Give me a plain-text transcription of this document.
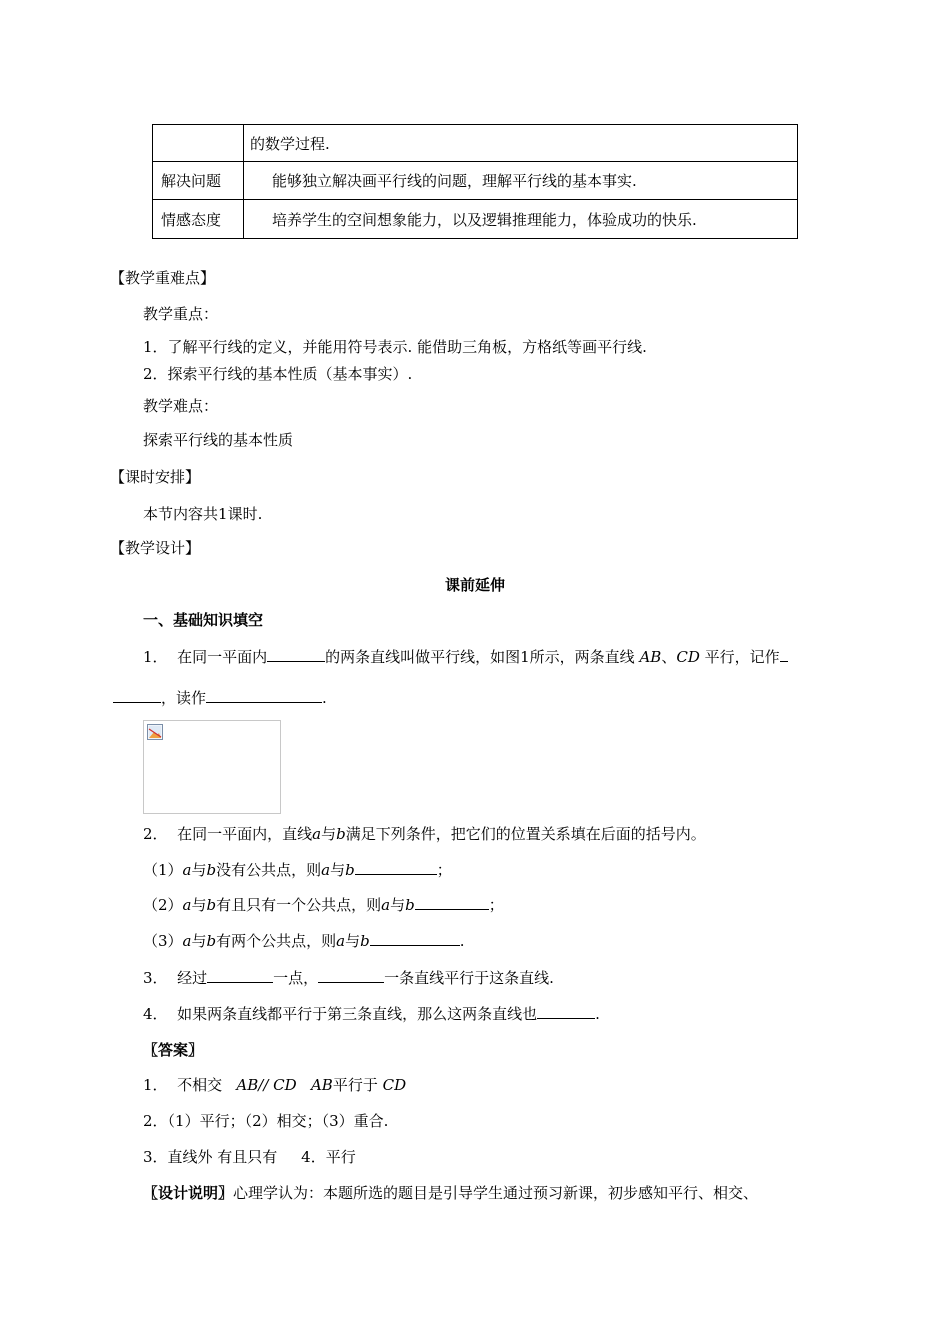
	的数学过程.
解决问题	能够独立解决画平行线的问题，理解平行线的基本事实.
情感态度	培养学生的空间想象能力，以及逻辑推理能力，体验成功的快乐.
【教学重难点】
教学重点：
1．了解平行线的定义，并能用符号表示. 能借助三角板，方格纸等画平行线.
2．探索平行线的基本性质（基本事实）.
教学难点：
探索平行线的基本性质
【课时安排】
本节内容共1课时.
【教学设计】
课前延伸
一、基础知识填空
1． 在同一平面内	的两条直线叫做平行线，如图1所示，两条直线 AB、CD 平行，记作
，读作	.
2． 在同一平面内，直线a与b满足下列条件，把它们的位置关系填在后面的括号内。
（1）a与b没有公共点，则a与b	；
（2）a与b有且只有一个公共点，则a与b	；
（3）a与b有两个公共点，则a与b	.
3． 经过	一点，	一条直线平行于这条直线.
4． 如果两条直线都平行于第三条直线，那么这两条直线也	.
〖答案〗
1． 不相交 AB// CD AB平行于 CD
2．（1）平行；（2）相交；（3）重合.
3．直线外 有且只有 4．平行
〖设计说明〗心理学认为：本题所选的题目是引导学生通过预习新课，初步感知平行、相交、
